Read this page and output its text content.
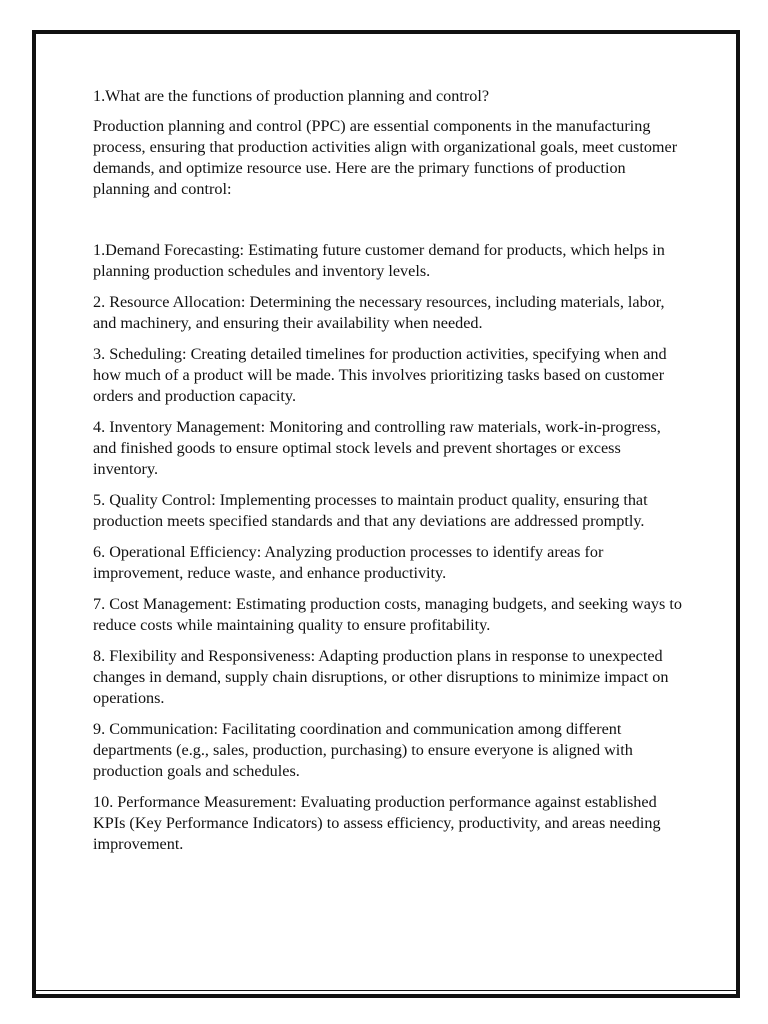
1.What are the functions of production planning and control?

Production planning and control (PPC) are essential components in the manufacturing process, ensuring that production activities align with organizational goals, meet customer demands, and optimize resource use. Here are the primary functions of production planning and control:

1.Demand Forecasting: Estimating future customer demand for products, which helps in planning production schedules and inventory levels.

2. Resource Allocation: Determining the necessary resources, including materials, labor, and machinery, and ensuring their availability when needed.

3. Scheduling: Creating detailed timelines for production activities, specifying when and how much of a product will be made. This involves prioritizing tasks based on customer orders and production capacity.

4. Inventory Management: Monitoring and controlling raw materials, work-in-progress, and finished goods to ensure optimal stock levels and prevent shortages or excess inventory.

5. Quality Control: Implementing processes to maintain product quality, ensuring that production meets specified standards and that any deviations are addressed promptly.

6. Operational Efficiency: Analyzing production processes to identify areas for improvement, reduce waste, and enhance productivity.

7. Cost Management: Estimating production costs, managing budgets, and seeking ways to reduce costs while maintaining quality to ensure profitability.

8. Flexibility and Responsiveness: Adapting production plans in response to unexpected changes in demand, supply chain disruptions, or other disruptions to minimize impact on operations.

9. Communication: Facilitating coordination and communication among different departments (e.g., sales, production, purchasing) to ensure everyone is aligned with production goals and schedules.

10. Performance Measurement: Evaluating production performance against established KPIs (Key Performance Indicators) to assess efficiency, productivity, and areas needing improvement.
